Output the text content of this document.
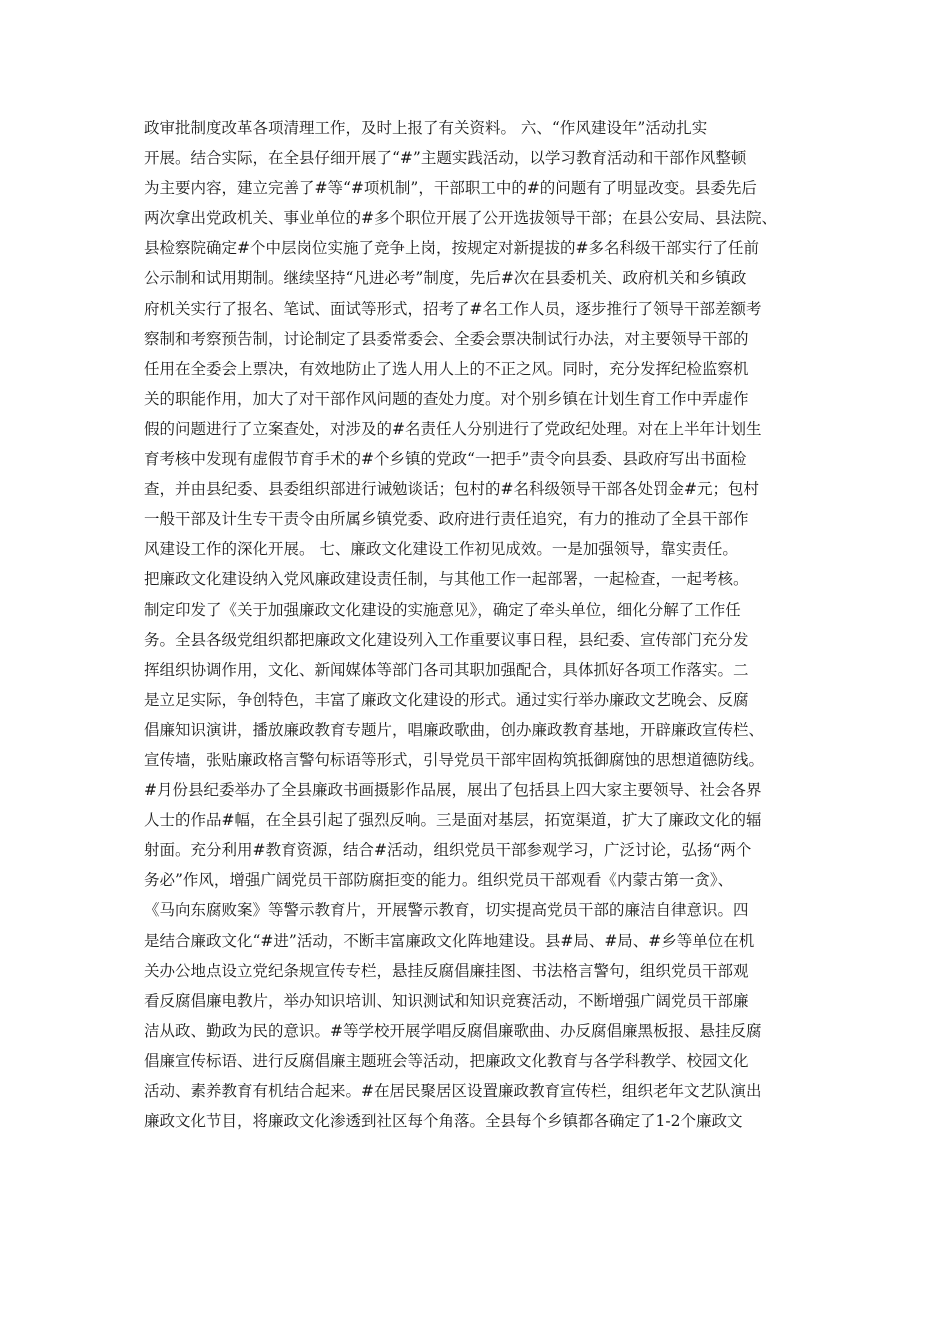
政审批制度改革各项清理工作，及时上报了有关资料。 六、“作风建设年”活动扎实
开展。结合实际，在全县仔细开展了“#”主题实践活动，以学习教育活动和干部作风整顿
为主要内容，建立完善了#等“#项机制”，干部职工中的#的问题有了明显改变。县委先后
两次拿出党政机关、事业单位的#多个职位开展了公开选拔领导干部；在县公安局、县法院、
县检察院确定#个中层岗位实施了竞争上岗，按规定对新提拔的#多名科级干部实行了任前
公示制和试用期制。继续坚持“凡进必考”制度，先后#次在县委机关、政府机关和乡镇政
府机关实行了报名、笔试、面试等形式，招考了#名工作人员，逐步推行了领导干部差额考
察制和考察预告制，讨论制定了县委常委会、全委会票决制试行办法，对主要领导干部的
任用在全委会上票决，有效地防止了选人用人上的不正之风。同时，充分发挥纪检监察机
关的职能作用，加大了对干部作风问题的查处力度。对个别乡镇在计划生育工作中弄虚作
假的问题进行了立案查处，对涉及的#名责任人分别进行了党政纪处理。对在上半年计划生
育考核中发现有虚假节育手术的#个乡镇的党政“一把手”责令向县委、县政府写出书面检
查，并由县纪委、县委组织部进行诫勉谈话；包村的#名科级领导干部各处罚金#元；包村
一般干部及计生专干责令由所属乡镇党委、政府进行责任追究，有力的推动了全县干部作
风建设工作的深化开展。 七、廉政文化建设工作初见成效。一是加强领导，靠实责任。
把廉政文化建设纳入党风廉政建设责任制，与其他工作一起部署，一起检查，一起考核。
制定印发了《关于加强廉政文化建设的实施意见》，确定了牵头单位，细化分解了工作任
务。全县各级党组织都把廉政文化建设列入工作重要议事日程，县纪委、宣传部门充分发
挥组织协调作用，文化、新闻媒体等部门各司其职加强配合，具体抓好各项工作落实。二
是立足实际，争创特色，丰富了廉政文化建设的形式。通过实行举办廉政文艺晚会、反腐
倡廉知识演讲，播放廉政教育专题片，唱廉政歌曲，创办廉政教育基地，开辟廉政宣传栏、
宣传墙，张贴廉政格言警句标语等形式，引导党员干部牢固构筑抵御腐蚀的思想道德防线。
#月份县纪委举办了全县廉政书画摄影作品展，展出了包括县上四大家主要领导、社会各界
人士的作品#幅，在全县引起了强烈反响。三是面对基层，拓宽渠道，扩大了廉政文化的辐
射面。充分利用#教育资源，结合#活动，组织党员干部参观学习，广泛讨论，弘扬“两个
务必”作风，增强广阔党员干部防腐拒变的能力。组织党员干部观看《内蒙古第一贪》、
《马向东腐败案》等警示教育片，开展警示教育，切实提高党员干部的廉洁自律意识。四
是结合廉政文化“#进”活动，不断丰富廉政文化阵地建设。县#局、#局、#乡等单位在机
关办公地点设立党纪条规宣传专栏，悬挂反腐倡廉挂图、书法格言警句，组织党员干部观
看反腐倡廉电教片，举办知识培训、知识测试和知识竞赛活动，不断增强广阔党员干部廉
洁从政、勤政为民的意识。#等学校开展学唱反腐倡廉歌曲、办反腐倡廉黑板报、悬挂反腐
倡廉宣传标语、进行反腐倡廉主题班会等活动，把廉政文化教育与各学科教学、校园文化
活动、素养教育有机结合起来。#在居民聚居区设置廉政教育宣传栏，组织老年文艺队演出
廉政文化节目，将廉政文化渗透到社区每个角落。全县每个乡镇都各确定了1-2个廉政文
